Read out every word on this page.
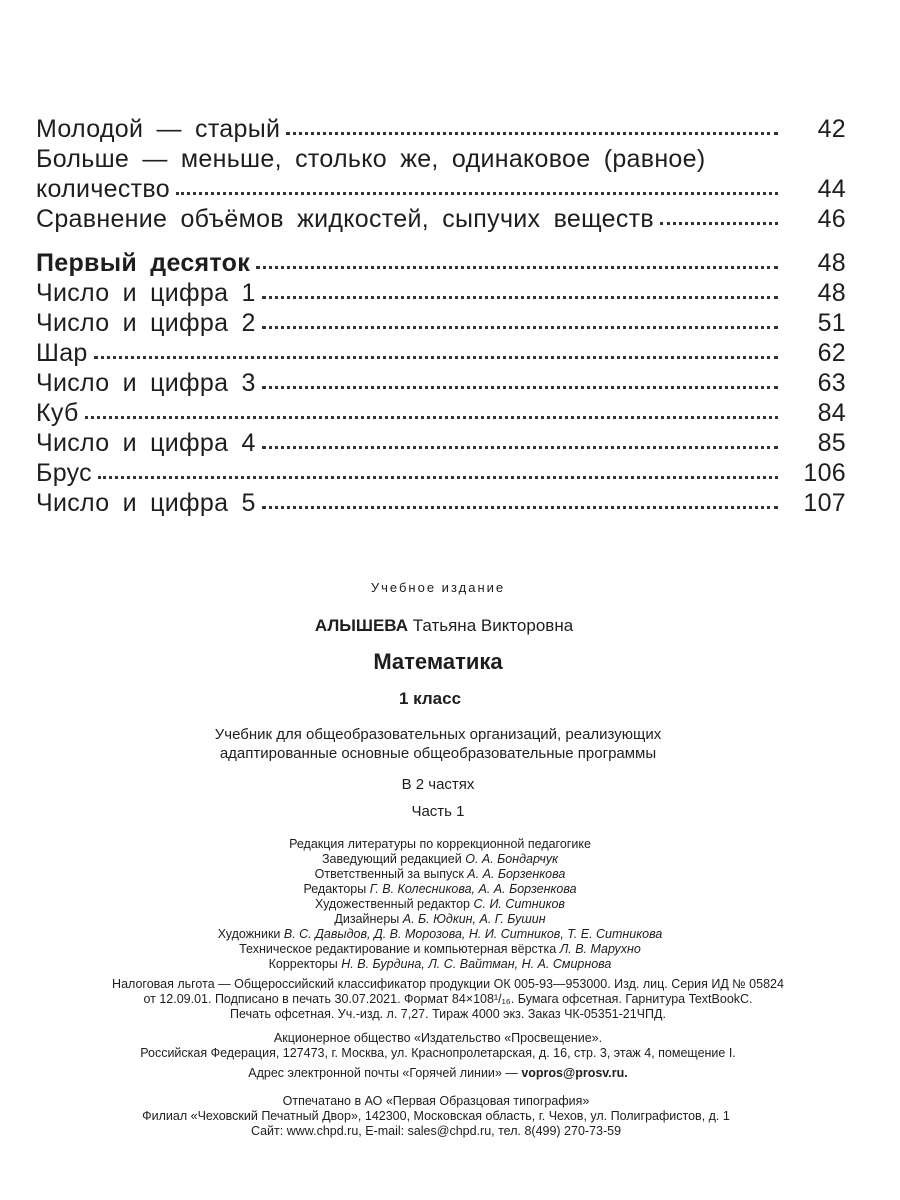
Молодой — старый	42
Больше — меньше, столько же, одинаковое (равное)
количество	44
Сравнение объёмов жидкостей, сыпучих веществ	46
Первый десяток	48
Число и цифра 1	48
Число и цифра 2	51
Шар	62
Число и цифра 3	63
Куб	84
Число и цифра 4	85
Брус	106
Число и цифра 5	107
Учебное издание
АЛЫШЕВА Татьяна Викторовна
Математика
1 класс
Учебник для общеобразовательных организаций, реализующих
адаптированные основные общеобразовательные программы
В 2 частях
Часть 1
Редакция литературы по коррекционной педагогике
Заведующий редакцией О. А. Бондарчук
Ответственный за выпуск А. А. Борзенкова
Редакторы Г. В. Колесникова, А. А. Борзенкова
Художественный редактор С. И. Ситников
Дизайнеры А. Б. Юдкин, А. Г. Бушин
Художники В. С. Давыдов, Д. В. Морозова, Н. И. Ситников, Т. Е. Ситникова
Техническое редактирование и компьютерная вёрстка Л. В. Марухно
Корректоры Н. В. Бурдина, Л. С. Вайтман, Н. А. Смирнова
Налоговая льгота — Общероссийский классификатор продукции ОК 005-93—953000. Изд. лиц. Серия ИД № 05824
от 12.09.01. Подписано в печать 30.07.2021. Формат 84×108¹/₁₆. Бумага офсетная. Гарнитура TextBookC.
Печать офсетная. Уч.-изд. л. 7,27. Тираж 4000 экз. Заказ ЧК-05351-21ЧПД.
Акционерное общество «Издательство «Просвещение».
Российская Федерация, 127473, г. Москва, ул. Краснопролетарская, д. 16, стр. 3, этаж 4, помещение I.
Адрес электронной почты «Горячей линии» — vopros@prosv.ru.
Отпечатано в АО «Первая Образцовая типография»
Филиал «Чеховский Печатный Двор», 142300, Московская область, г. Чехов, ул. Полиграфистов, д. 1
Сайт: www.chpd.ru, E-mail: sales@chpd.ru, тел. 8(499) 270-73-59
